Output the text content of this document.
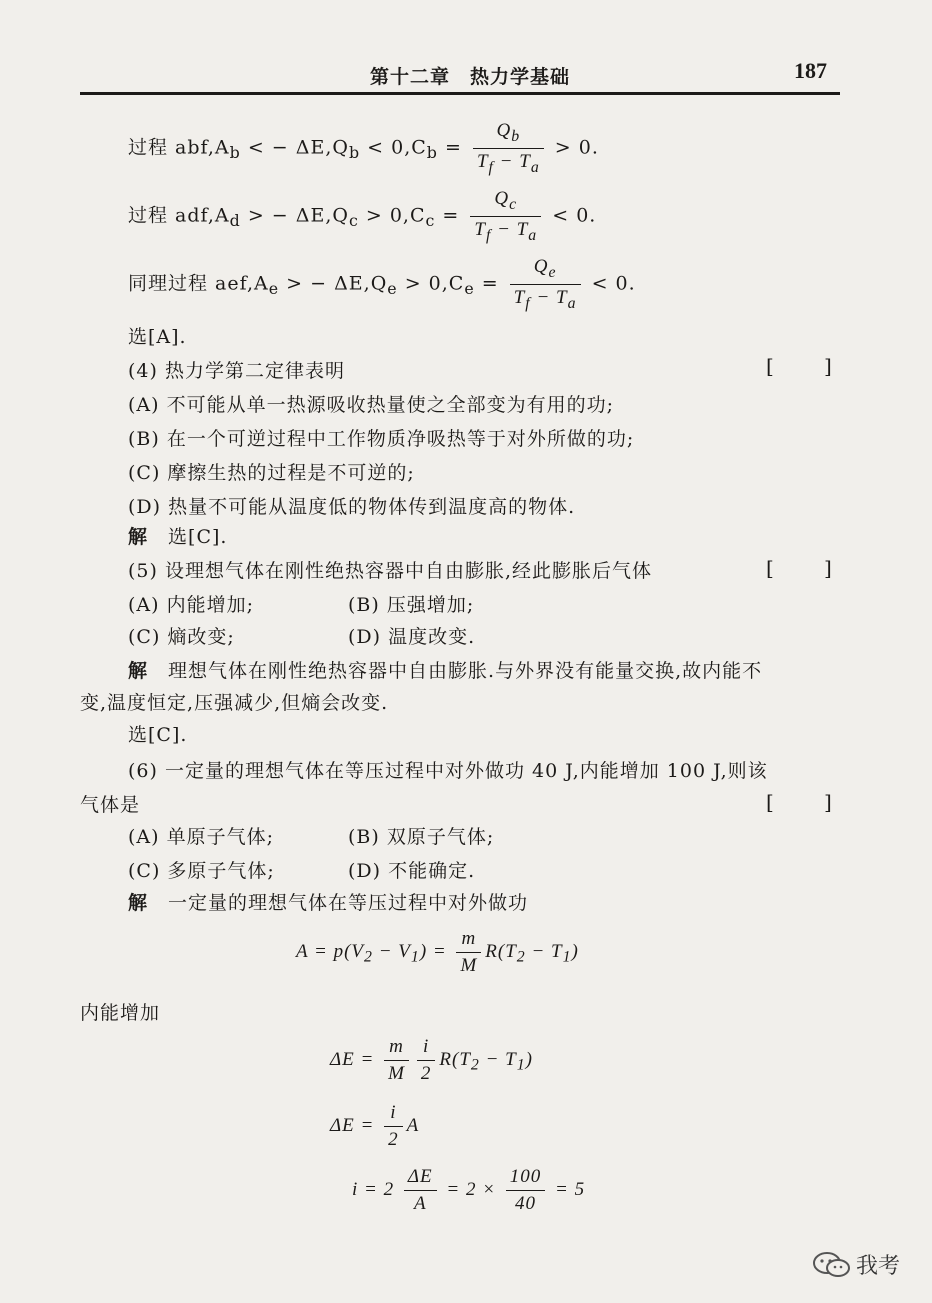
第十二章　热力学基础	187
过程 $abf,A_b$ < − $\Delta E,Q_b < 0,C_b = \frac{Q_b}{T_f - T_a} > 0$.
过程 $adf,A_d$ > − $\Delta E,Q_c > 0,C_c = \frac{Q_c}{T_f - T_a} < 0$.
同理过程 $aef,A_e$ > − $\Delta E,Q_e > 0,C_e = \frac{Q_e}{T_f - T_a} < 0$.
选[A].
(4) 热力学第二定律表明	[	]
(A) 不可能从单一热源吸收热量使之全部变为有用的功;
(B) 在一个可逆过程中工作物质净吸热等于对外所做的功;
(C) 摩擦生热的过程是不可逆的;
(D) 热量不可能从温度低的物体传到温度高的物体.
解　 选[C].
(5) 设理想气体在刚性绝热容器中自由膨胀,经此膨胀后气体	[	]
(A) 内能增加;	(B) 压强增加;
(C) 熵改变;	(D) 温度改变.
解　 理想气体在刚性绝热容器中自由膨胀.与外界没有能量交换,故内能不
变,温度恒定,压强减少,但熵会改变.
选[C].
(6) 一定量的理想气体在等压过程中对外做功 40 J,内能增加 100 J,则该
气体是	[	]
(A) 单原子气体;	(B) 双原子气体;
(C) 多原子气体;	(D) 不能确定.
解　 一定量的理想气体在等压过程中对外做功
$A = p(V_2 - V_1) = \frac{m}{M} R(T_2 - T_1)$
内能增加
$\Delta E = \frac{m}{M} \frac{i}{2} R(T_2 - T_1)$
$\Delta E = \frac{i}{2}$ A
$i = 2 \frac{\Delta E}{A} = 2 \times \frac{100}{40} = 5$
我考
